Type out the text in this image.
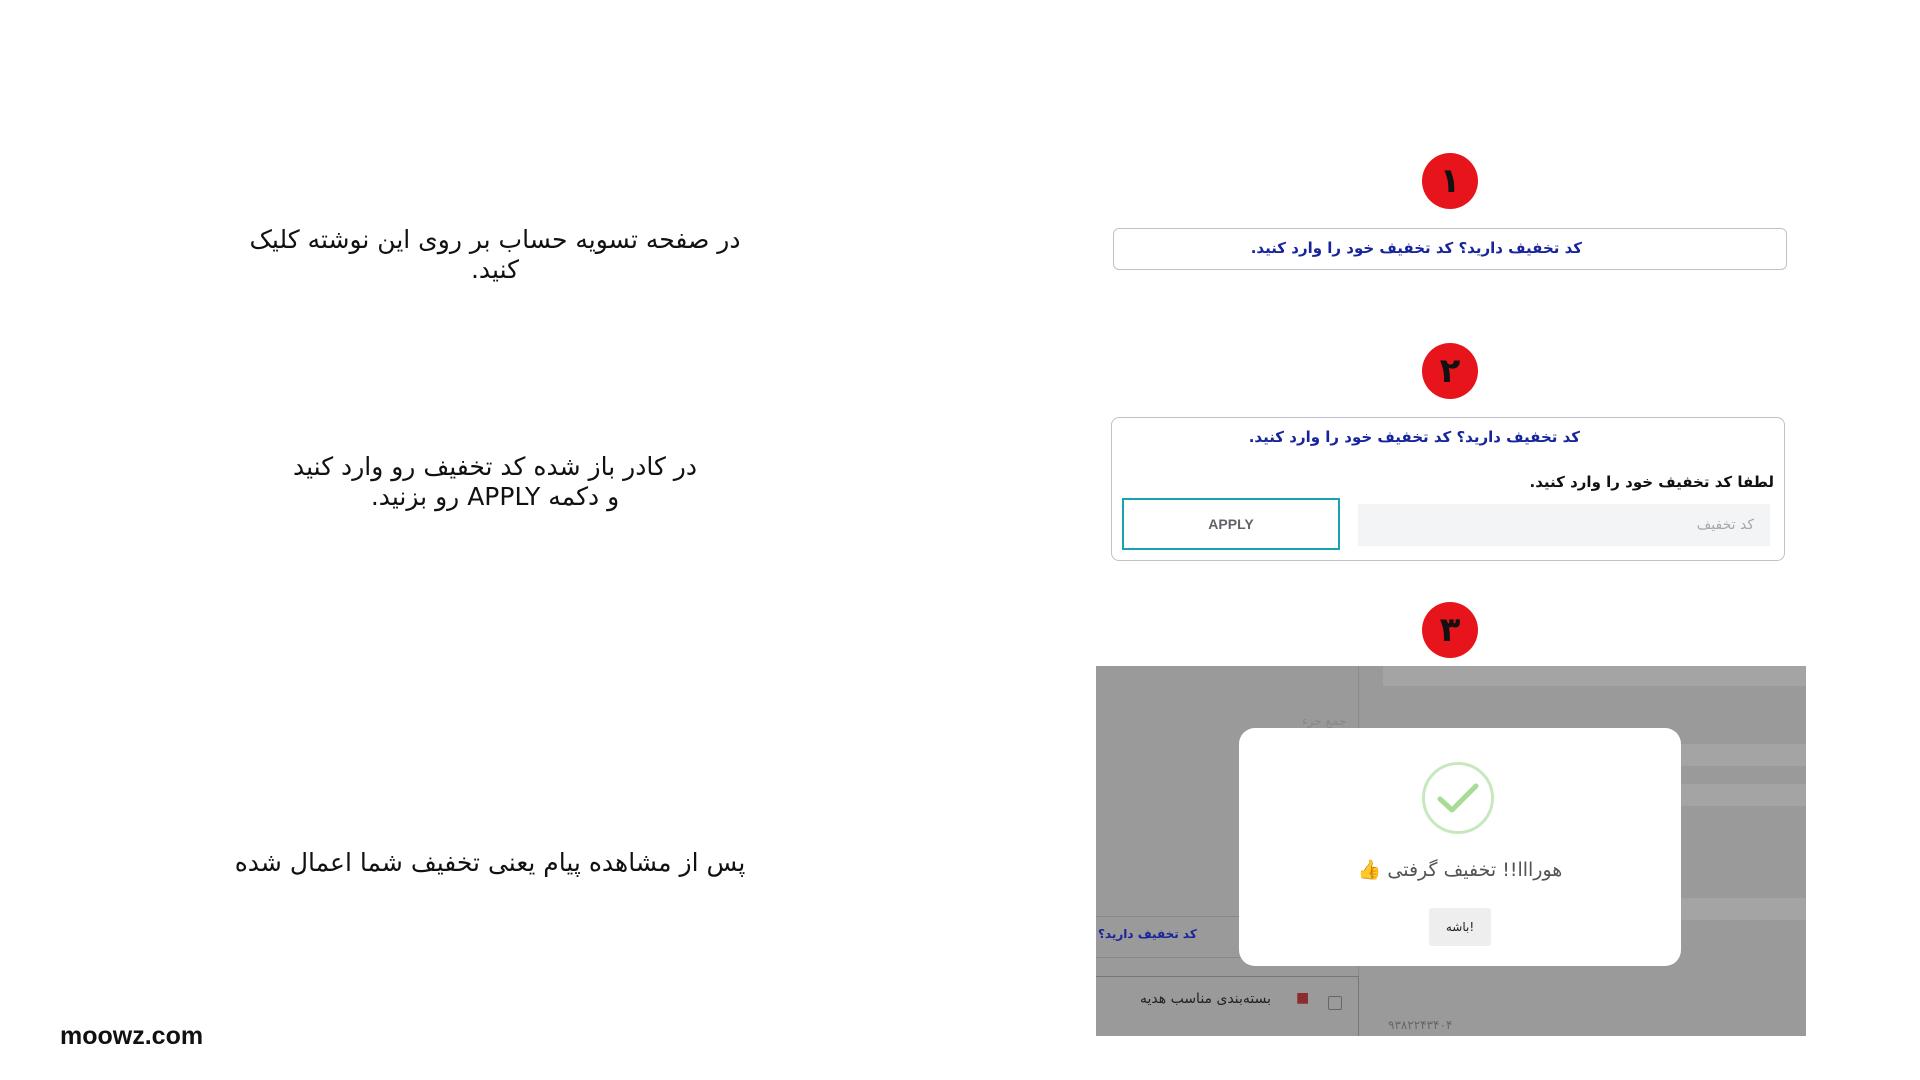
در صفحه تسویه حساب بر روی این نوشته کلیک کنید.
در کادر باز شده کد تخفیف رو وارد کنید
و دکمه APPLY رو بزنید.
پس از مشاهده پیام یعنی تخفیف شما اعمال شده
moowz.com
۱
۲
۳
کد تخفیف دارید؟ کد تخفیف خود را وارد کنید.
کد تخفیف دارید؟ کد تخفیف خود را وارد کنید.
لطفا کد تخفیف خود را وارد کنید.
کد تخفیف
APPLY
جمع جزء
کد تخفیف دارید؟
■
بسته‌بندی مناسب هدیه
۹۳۸۲۲۴۳۴۰۴
هورااا!! تخفیف گرفتی 👍
باشه!
